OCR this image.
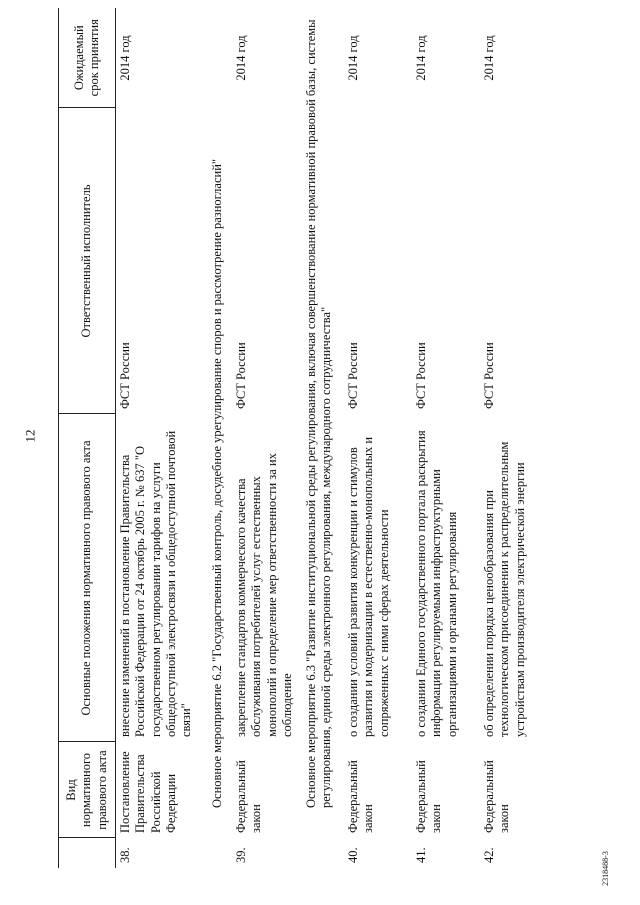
12
2318488-3
	Вид нормативного правового акта	Основные положения нормативного правового акта	Ответственный исполнитель	Ожидаемый срок принятия
38.	Постановление Правительства Российской Федерации	внесение изменений в постановление Правительства Российской Федерации от 24 октябрь 2005 г. № 637 "О государственном регулировании тарифов на услуги общедоступной электросвязи и общедоступной почтовой связи"	ФСТ России	2014 год
Основное мероприятие 6.2 "Государственный контроль, досудебное урегулирование споров и рассмотрение разногласий"				
39.	Федеральный закон	закрепление стандартов коммерческого качества обслуживания потребителей услуг естественных монополий и определение мер ответственности за их соблюдение	ФСТ России	2014 год
Основное мероприятие 6.3 "Развитие институциональной среды регулирования, включая совершенствование нормативной правовой базы, системы регулирования, единой среды электронного регулирования, международного сотрудничества"				
40.	Федеральный закон	о создании условий развития конкуренции и стимулов развития и модернизации в естественно-монопольных и сопряженных с ними сферах деятельности	ФСТ России	2014 год
41.	Федеральный закон	о создании Единого государственного портала раскрытия информации регулируемыми инфраструктурными организациями и органами регулирования	ФСТ России	2014 год
42.	Федеральный закон	об определении порядка ценообразования при технологическом присоединении к распределительным устройствам производителя электрической энергии	ФСТ России	2014 год
